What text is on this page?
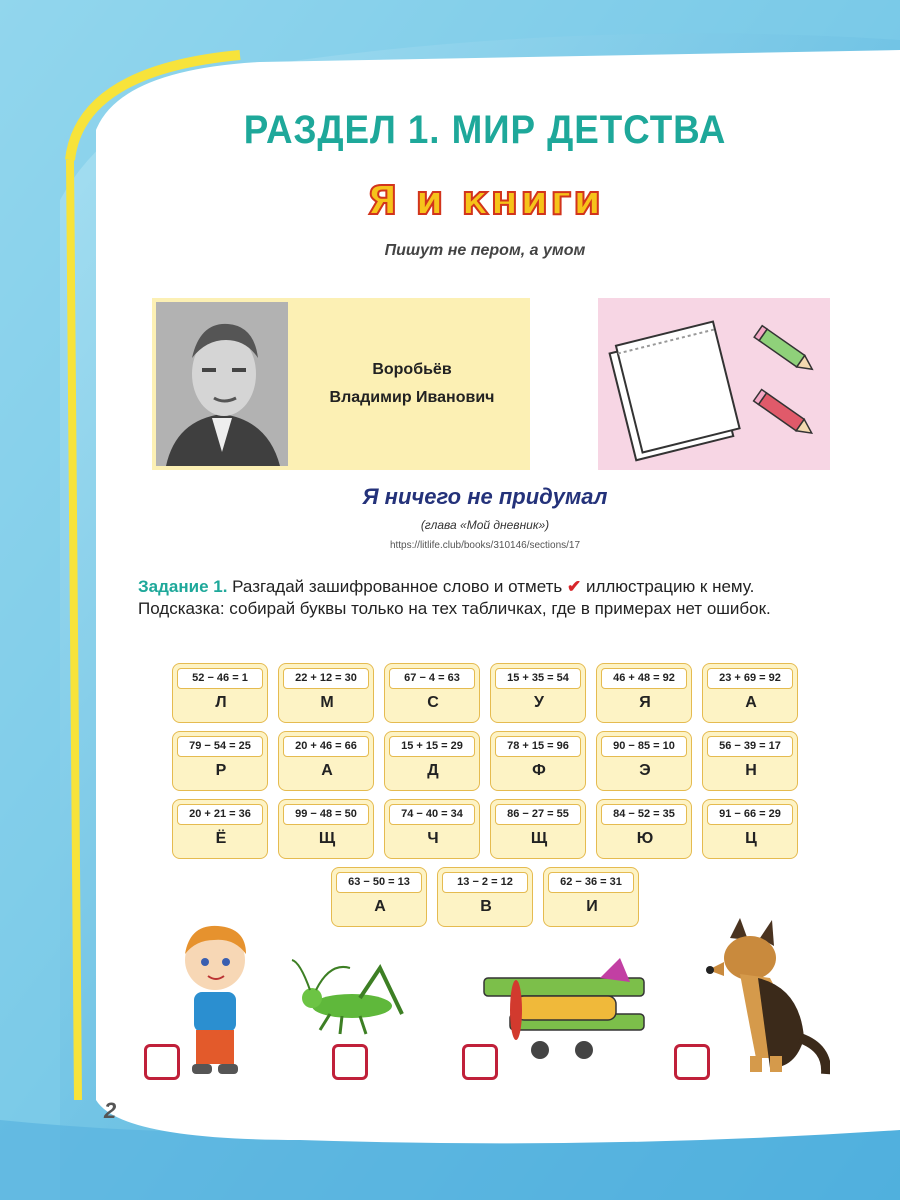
РАЗДЕЛ 1. МИР ДЕТСТВА
Я и книги
Пишут не пером, а умом
Воробьёв
Владимир Иванович
Я ничего не придумал
(глава «Мой дневник»)
https://litlife.club/books/310146/sections/17
Задание 1. Разгадай зашифрованное слово и отметь ✔ иллюстрацию к нему. Подсказка: собирай буквы только на тех табличках, где в примерах нет ошибок.
52 − 46 = 1
Л
22 + 12 = 30
М
67 − 4 = 63
С
15 + 35 = 54
У
46 + 48 = 92
Я
23 + 69 = 92
А
79 − 54 = 25
Р
20 + 46 = 66
А
15 + 15 = 29
Д
78 + 15 = 96
Ф
90 − 85 = 10
Э
56 − 39 = 17
Н
20 + 21 = 36
Ё
99 − 48 = 50
Щ
74 − 40 = 34
Ч
86 − 27 = 55
Щ
84 − 52 = 35
Ю
91 − 66 = 29
Ц
63 − 50 = 13
А
13 − 2 = 12
В
62 − 36 = 31
И
2
